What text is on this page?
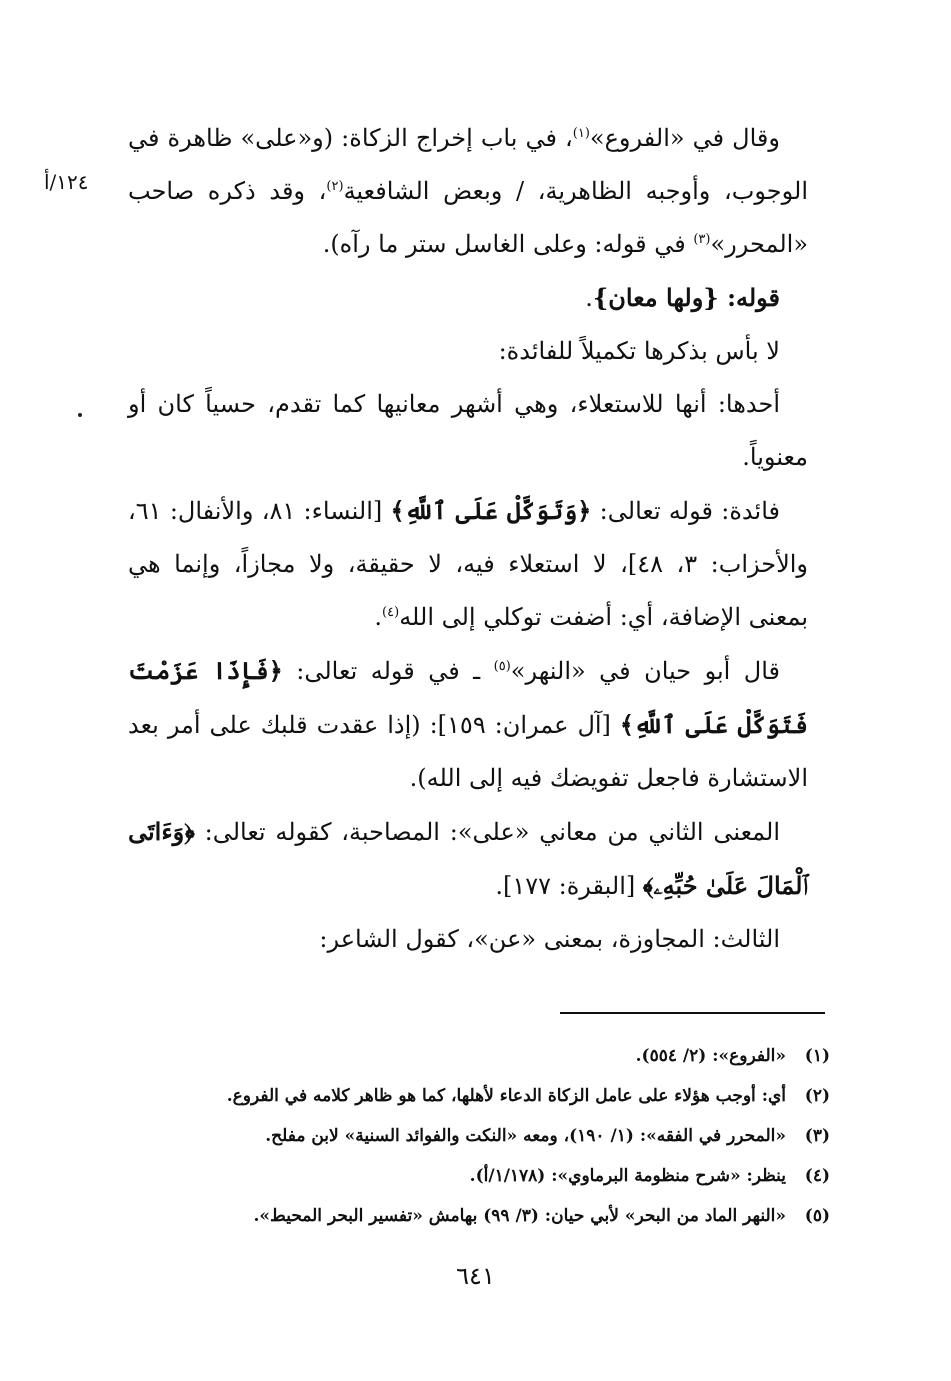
١٢٤/أ

وقال في «الفروع»$^{(١)}$، في باب إخراج الزكاة: (و«على» ظاهرة في الوجوب، وأوجبه الظاهرية، / وبعض الشافعية$^{(٢)}$، وقد ذكره صاحب «المحرر»$^{(٣)}$ في قوله: وعلى الغاسل ستر ما رآه).

قوله: {ولها معان}.

لا بأس بذكرها تكميلاً للفائدة:

أحدها: أنها للاستعلاء، وهي أشهر معانيها كما تقدم، حسياً كان أو معنوياً.

فائدة: قوله تعالى: ﴿وَتَوَكَّلْ عَلَى ٱللَّهِ﴾ [النساء: ٨١، والأنفال: ٦١، والأحزاب: ٣، ٤٨]، لا استعلاء فيه، لا حقيقة، ولا مجازاً، وإنما هي بمعنى الإضافة، أي: أضفت توكلي إلى الله$^{(٤)}$.

قال أبو حيان في «النهر»$^{(٥)}$ ـ في قوله تعالى: ﴿فَإِذَا عَزَمْتَ فَتَوَكَّلْ عَلَى ٱللَّهِ﴾ [آل عمران: ١٥٩]: (إذا عقدت قلبك على أمر بعد الاستشارة فاجعل تفويضك فيه إلى الله).

المعنى الثاني من معاني «على»: المصاحبة، كقوله تعالى: ﴿وَءَاتَى ٱلْمَالَ عَلَىٰ حُبِّهِۦ﴾ [البقرة: ١٧٧].

الثالث: المجاوزة، بمعنى «عن»، كقول الشاعر:

(١)
«الفروع»: (٢/ ٥٥٤).
(٢)
أي: أوجب هؤلاء على عامل الزكاة الدعاء لأهلها، كما هو ظاهر كلامه في الفروع.
(٣)
«المحرر في الفقه»: (١/ ١٩٠)، ومعه «النكت والفوائد السنية» لابن مفلح.
(٤)
ينظر: «شرح منظومة البرماوي»: (١/١٧٨/أ).
(٥)
«النهر الماد من البحر» لأبي حيان: (٣/ ٩٩) بهامش «تفسير البحر المحيط».
٦٤١
